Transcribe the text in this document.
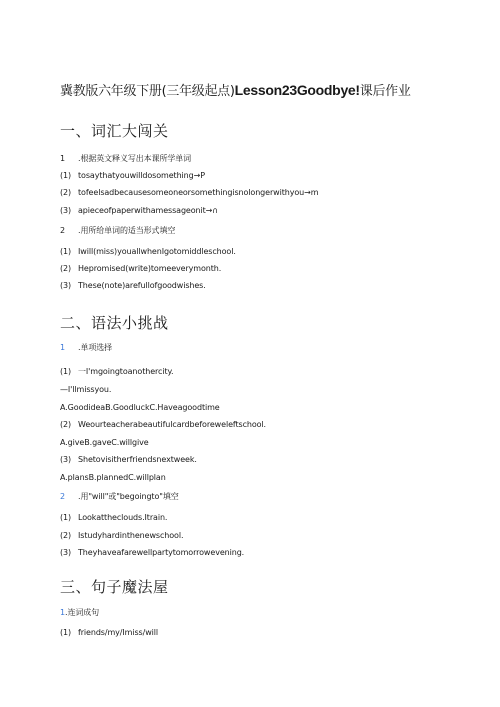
冀教版六年级下册(三年级起点)Lesson23Goodbye!课后作业
一、词汇大闯关
1 .根据英文释义写出本课所学单词
(1) tosaythatyouwilldosomething→P
(2) tofeelsadbecausesomeoneorsomethingisnolongerwithyou→m
(3) apieceofpaperwithamessageonit→∩
2 .用所给单词的适当形式填空
(1) Iwill(miss)youallwhenIgotomiddleschool.
(2) Hepromised(write)tomeeverymonth.
(3) These(note)arefullofgoodwishes.
二、语法小挑战
1 .单项选择
(1) 一I'mgoingtoanothercity.
—I'llmissyou.
A.GoodideaB.GoodluckC.Haveagoodtime
(2) Weourteacherabeautifulcardbeforeweleftschool.
A.giveB.gaveC.willgive
(3) Shetovisitherfriendsnextweek.
A.plansB.plannedC.willplan
2 .用"will"或"begoingto"填空
(1) Lookattheclouds.Itrain.
(2) Istudyhardinthenewschool.
(3) Theyhaveafarewellpartytomorrowevening.
三、句子魔法屋
1.连词成句
(1) friends/my/Imiss/will
